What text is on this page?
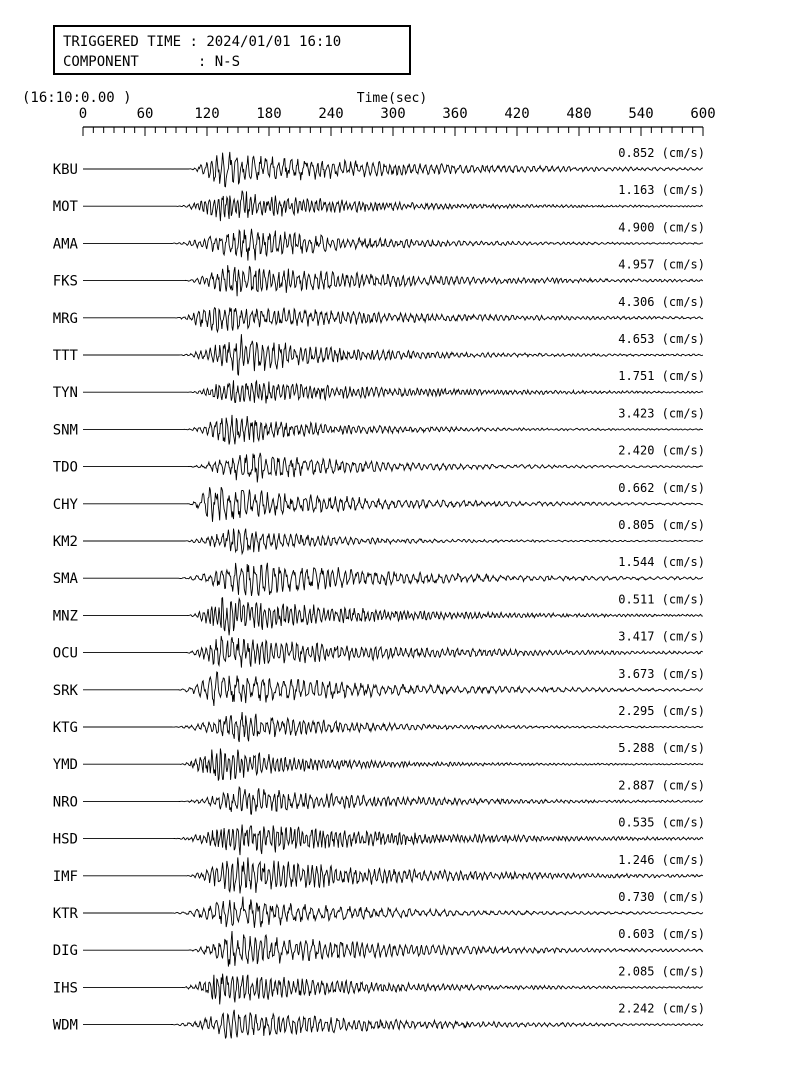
TRIGGERED TIME : 2024/01/01 16:10
COMPONENT	: N-S
(16:10:0.00 )	Time(sec)
0	60	120	180	240	300	360	420	480	540	600
KBU
0.852 (cm/s)
MOT
1.163 (cm/s)
AMA
4.900 (cm/s)
FKS
4.957 (cm/s)
MRG
4.306 (cm/s)
TTT
4.653 (cm/s)
TYN
1.751 (cm/s)
SNM
3.423 (cm/s)
TDO
2.420 (cm/s)
CHY
0.662 (cm/s)
KM2
0.805 (cm/s)
SMA
1.544 (cm/s)
MNZ
0.511 (cm/s)
OCU
3.417 (cm/s)
SRK
3.673 (cm/s)
KTG
2.295 (cm/s)
YMD
5.288 (cm/s)
NRO
2.887 (cm/s)
HSD
0.535 (cm/s)
IMF
1.246 (cm/s)
KTR
0.730 (cm/s)
DIG
0.603 (cm/s)
IHS
2.085 (cm/s)
WDM
2.242 (cm/s)
